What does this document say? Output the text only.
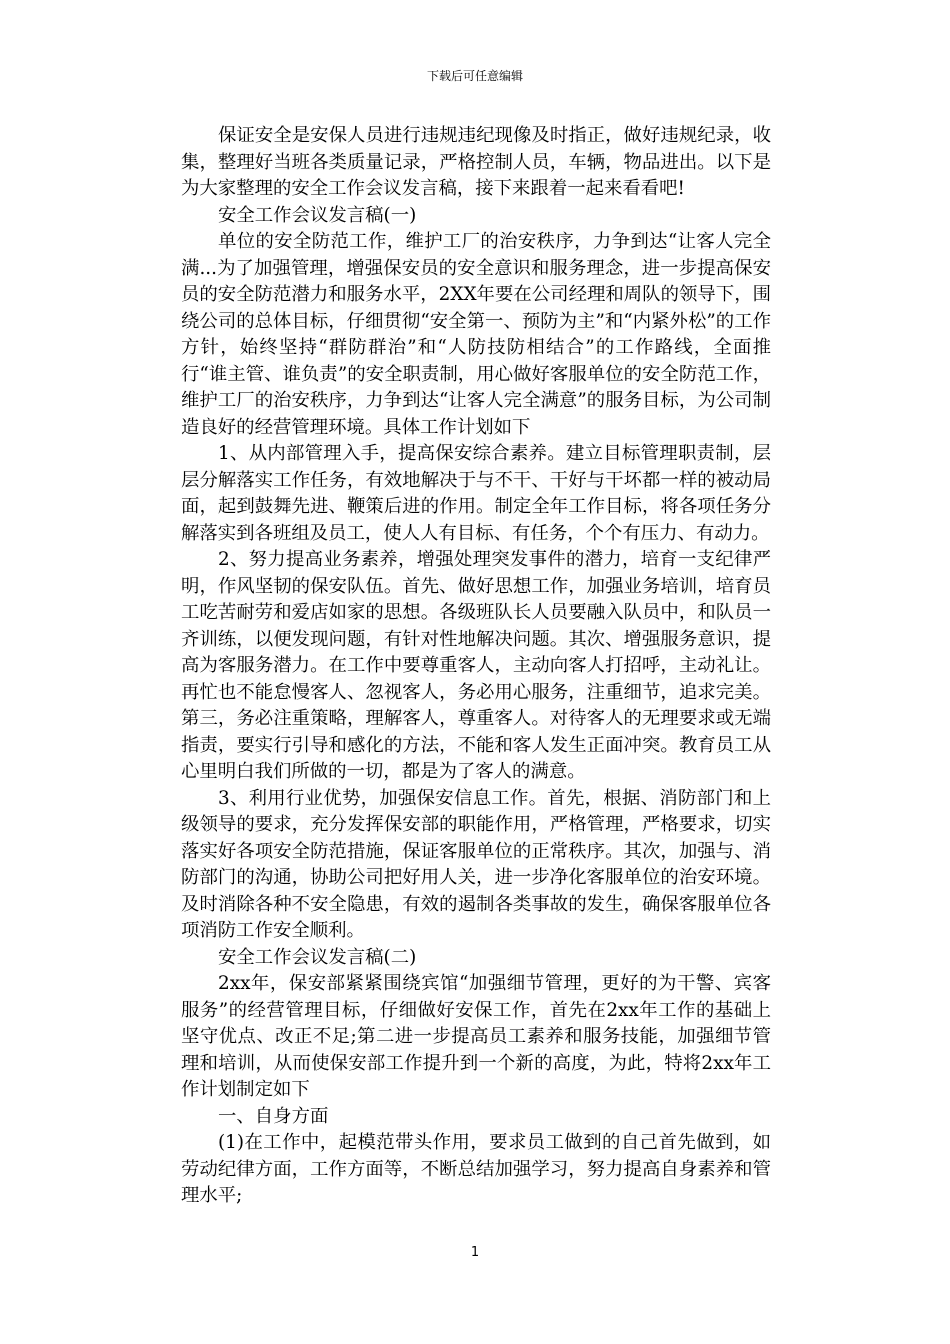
下载后可任意编辑

保证安全是安保人员进行违规违纪现像及时指正，做好违规纪录，收集，整理好当班各类质量记录，严格控制人员，车辆，物品进出。以下是为大家整理的安全工作会议发言稿，接下来跟着一起来看看吧!

安全工作会议发言稿(一)

单位的安全防范工作，维护工厂的治安秩序，力争到达“让客人完全满...为了加强管理，增强保安员的安全意识和服务理念，进一步提高保安员的安全防范潜力和服务水平，2XX年要在公司经理和周队的领导下，围绕公司的总体目标，仔细贯彻“安全第一、预防为主”和“内紧外松”的工作方针，始终坚持“群防群治”和“人防技防相结合”的工作路线，全面推行“谁主管、谁负责”的安全职责制，用心做好客服单位的安全防范工作，维护工厂的治安秩序，力争到达“让客人完全满意”的服务目标，为公司制造良好的经营管理环境。具体工作计划如下

1、从内部管理入手，提高保安综合素养。建立目标管理职责制，层层分解落实工作任务，有效地解决于与不干、干好与干坏都一样的被动局面，起到鼓舞先进、鞭策后进的作用。制定全年工作目标，将各项任务分解落实到各班组及员工，使人人有目标、有任务，个个有压力、有动力。

2、努力提高业务素养，增强处理突发事件的潜力，培育一支纪律严明，作风坚韧的保安队伍。首先、做好思想工作，加强业务培训，培育员工吃苦耐劳和爱店如家的思想。各级班队长人员要融入队员中，和队员一齐训练，以便发现问题，有针对性地解决问题。其次、增强服务意识，提高为客服务潜力。在工作中要尊重客人，主动向客人打招呼，主动礼让。再忙也不能怠慢客人、忽视客人，务必用心服务，注重细节，追求完美。第三，务必注重策略，理解客人，尊重客人。对待客人的无理要求或无端指责，要实行引导和感化的方法，不能和客人发生正面冲突。教育员工从心里明白我们所做的一切，都是为了客人的满意。

3、利用行业优势，加强保安信息工作。首先，根据、消防部门和上级领导的要求，充分发挥保安部的职能作用，严格管理，严格要求，切实落实好各项安全防范措施，保证客服单位的正常秩序。其次，加强与、消防部门的沟通，协助公司把好用人关，进一步净化客服单位的治安环境。及时消除各种不安全隐患，有效的遏制各类事故的发生，确保客服单位各项消防工作安全顺利。

安全工作会议发言稿(二)

2xx年，保安部紧紧围绕宾馆“加强细节管理，更好的为干警、宾客服务”的经营管理目标，仔细做好安保工作，首先在2xx年工作的基础上坚守优点、改正不足;第二进一步提高员工素养和服务技能，加强细节管理和培训，从而使保安部工作提升到一个新的高度，为此，特将2xx年工作计划制定如下

一、自身方面

(1)在工作中，起模范带头作用，要求员工做到的自己首先做到，如劳动纪律方面，工作方面等，不断总结加强学习，努力提高自身素养和管理水平;

1
